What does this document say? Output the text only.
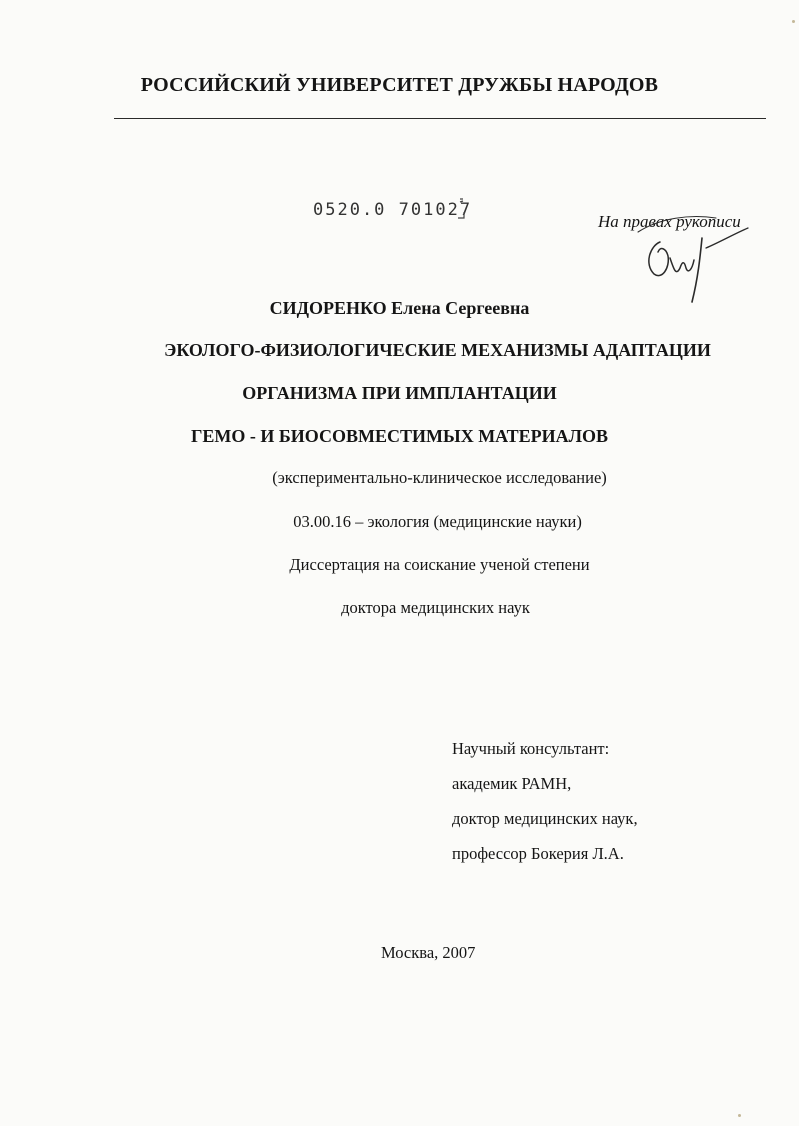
РОССИЙСКИЙ УНИВЕРСИТЕТ ДРУЖБЫ НАРОДОВ
0520.0 701027
На правах рукописи
СИДОРЕНКО Елена Сергеевна
ЭКОЛОГО-ФИЗИОЛОГИЧЕСКИЕ МЕХАНИЗМЫ АДАПТАЦИИ
ОРГАНИЗМА ПРИ ИМПЛАНТАЦИИ
ГЕМО - И БИОСОВМЕСТИМЫХ МАТЕРИАЛОВ
(экспериментально-клиническое исследование)
03.00.16 – экология (медицинские науки)
Диссертация на соискание ученой степени
доктора медицинских наук
Научный консультант:
академик РАМН,
доктор медицинских наук,
профессор Бокерия Л.А.
Москва, 2007
